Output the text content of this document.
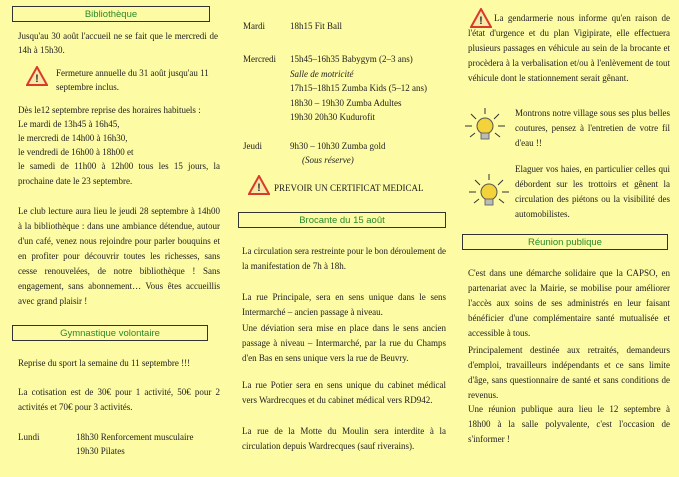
Bibliothèque

Jusqu'au 30 août l'accueil ne se fait que le mercredi de 14h à 15h30.

! Fermeture annuelle du 31 août jusqu'au 11 septembre inclus.

Dès le12 septembre reprise des horaires habituels :

Le mardi de 13h45 à 16h45,

le mercredi de 14h00 à 16h30,

le vendredi de 16h00 à 18h00 et

le samedi de 11h00 à 12h00 tous les 15 jours, la prochaine date le 23 septembre.

Le club lecture aura lieu le jeudi 28 septembre à 14h00 à la bibliothèque : dans une ambiance détendue, autour d'un café, venez nous rejoindre pour parler bouquins et en profiter pour découvrir toutes les richesses, sans cesse renouvelées, de notre bibliothèque ! Sans engagement, sans abonnement… Vous êtes accueillis avec grand plaisir !

Gymnastique volontaire

Reprise du sport la semaine du 11 septembre !!!

La cotisation est de 30€ pour 1 activité, 50€ pour 2 activités et 70€ pour 3 activités.

Lundi	18h30 Renforcement musculaire
19h30 Pilates
Mardi	18h15 Fit Ball
Mercredi 15h45–16h35 Babygym (2–3 ans)
Salle de motricité
17h15–18h15 Zumba Kids (5–12 ans)
18h30 – 19h30 Zumba Adultes
19h30 20h30 Kudurofit
Jeudi	9h30 – 10h30 Zumba gold
(Sous réserve)
! PREVOIR UN CERTIFICAT MEDICAL
Brocante du 15 août

La circulation sera restreinte pour le bon déroulement de la manifestation de 7h à 18h.

La rue Principale, sera en sens unique dans le sens Intermarché – ancien passage à niveau.

Une déviation sera mise en place dans le sens ancien passage à niveau – Intermarché, par la rue du Champs d'en Bas en sens unique vers la rue de Beuvry.

La rue Potier sera en sens unique du cabinet médical vers Wardrecques et du cabinet médical vers RD942.

La rue de la Motte du Moulin sera interdite à la circulation depuis Wardrecques (sauf riverains).

!	La gendarmerie nous informe qu'en raison de l'état d'urgence et du plan Vigipirate, elle effectuera plusieurs passages en véhicule au sein de la brocante et procèdera à la verbalisation et/ou à l'enlèvement de tout véhicule dont le stationnement serait gênant.

Montrons notre village sous ses plus belles coutures, pensez à l'entretien de votre fil d'eau !!

Elaguer vos haies, en particulier celles qui débordent sur les trottoirs et gênent la circulation des piétons ou la visibilité des automobilistes.

Réunion publique

C'est dans une démarche solidaire que la CAPSO, en partenariat avec la Mairie, se mobilise pour améliorer l'accès aux soins de ses administrés en leur faisant bénéficier d'une complémentaire santé mutualisée et accessible à tous.

Principalement destinée aux retraités, demandeurs d'emploi, travailleurs indépendants et ce sans limite d'âge, sans questionnaire de santé et sans conditions de revenus.

Une réunion publique aura lieu le 12 septembre à 18h00 à la salle polyvalente, c'est l'occasion de s'informer !
